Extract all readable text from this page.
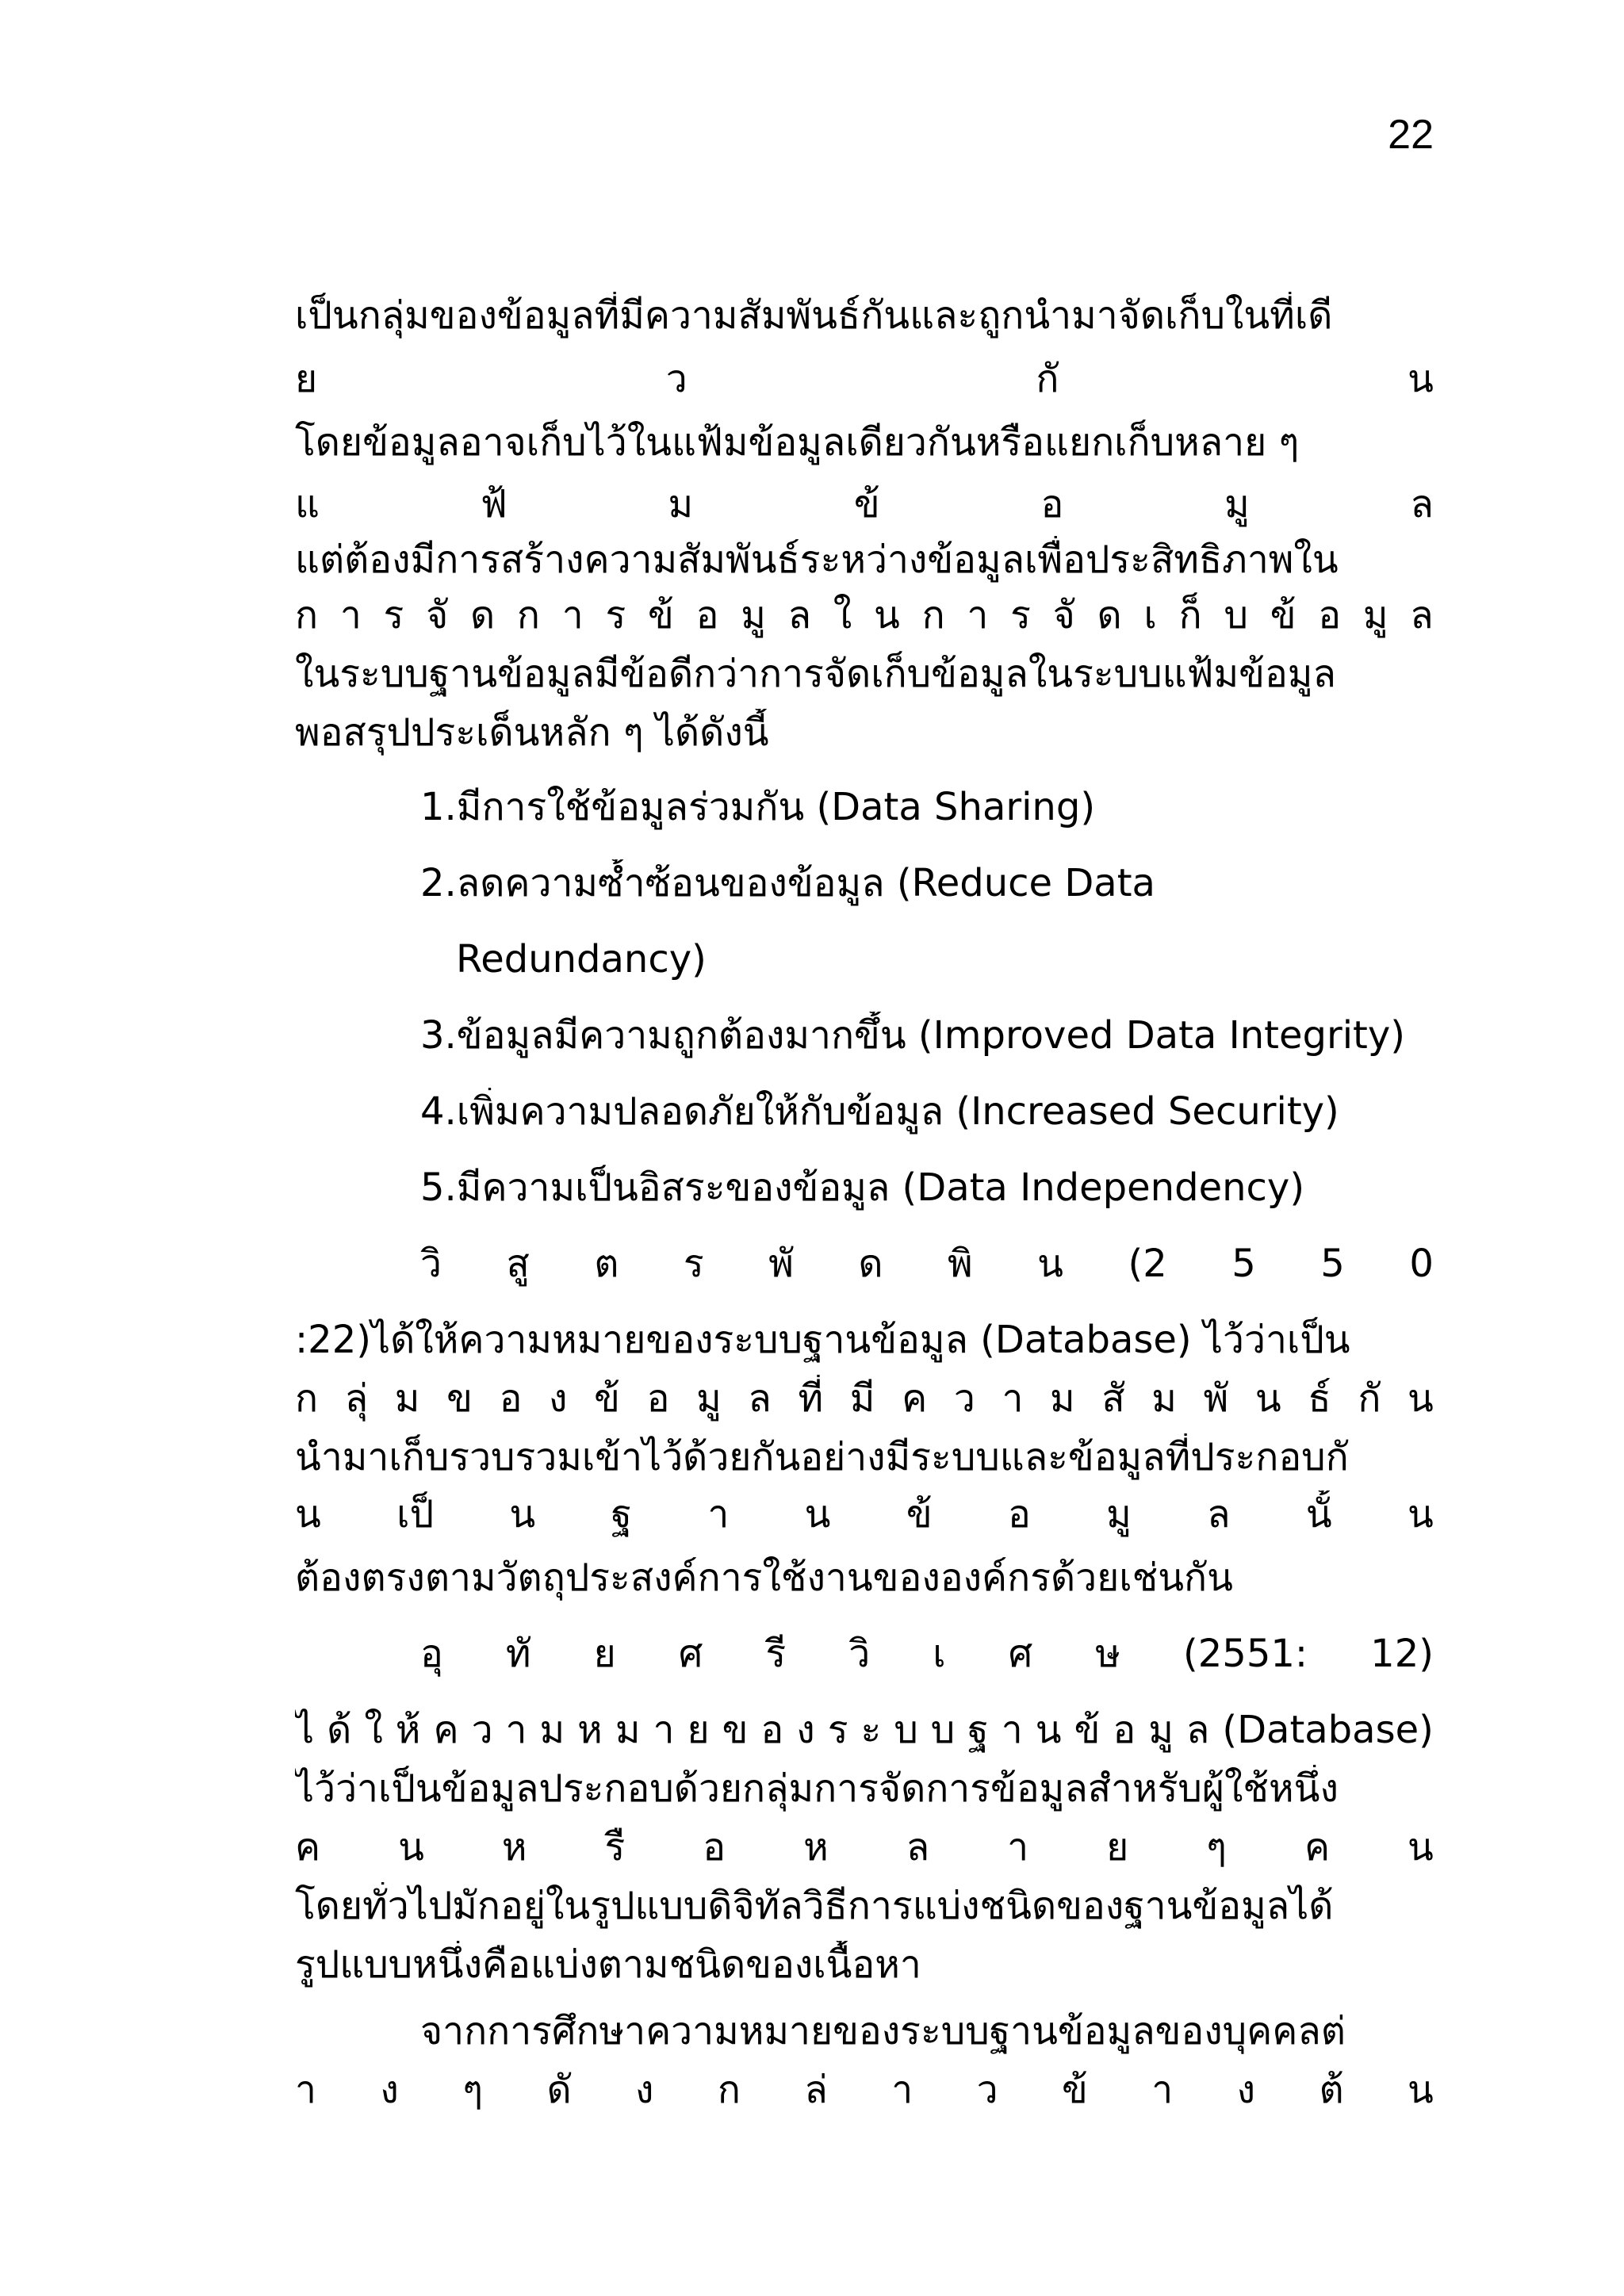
22
เป็นกลุ่มของข้อมูลที่มีความสัมพันธ์กันและถูกนำมาจัดเก็บในที่เดี
ย	ว	กั	น
โดยข้อมูลอาจเก็บไว้ในแฟ้มข้อมูลเดียวกันหรือแยกเก็บหลาย ๆ
แ	ฟ้	ม	ข้	อ	มู	ล
แต่ต้องมีการสร้างความสัมพันธ์ระหว่างข้อมูลเพื่อประสิทธิภาพใน
ก า ร จั ด ก า ร ข้ อ มู ล ใ น ก า ร จั ด เ ก็ บ ข้ อ มู ล
ในระบบฐานข้อมูลมีข้อดีกว่าการจัดเก็บข้อมูลในระบบแฟ้มข้อมูล
พอสรุปประเด็นหลัก ๆ ได้ดังนี้
1.มีการใช้ข้อมูลร่วมกัน (Data Sharing)
2.ลดความซ้ำซ้อนของข้อมูล (Reduce Data
Redundancy)
3.ข้อมูลมีความถูกต้องมากขึ้น (Improved Data Integrity)
4.เพิ่มความปลอดภัยให้กับข้อมูล (Increased Security)
5.มีความเป็นอิสระของข้อมูล (Data Independency)
วิ สู ต ร พั ด พิ น (2 5 5 0
:22)ได้ให้ความหมายของระบบฐานข้อมูล (Database) ไว้ว่าเป็น
ก ลุ่ ม ข อ ง ข้ อ มู ล ที่ มี ค ว า ม สั ม พั น ธ์ กั น
นำมาเก็บรวบรวมเข้าไว้ด้วยกันอย่างมีระบบและข้อมูลที่ประกอบกั
น เป็ น ฐ า น ข้ อ มู ล นั้ น
ต้องตรงตามวัตถุประสงค์การใช้งานขององค์กรด้วยเช่นกัน
อุ ทั ย ศ รี วิ เ ศ ษ (2551: 12)
ไ ด้ ใ ห้ ค ว า ม ห ม า ย ข อ ง ร ะ บ บ ฐ า น ข้ อ มู ล (Database)
ไว้ว่าเป็นข้อมูลประกอบด้วยกลุ่มการจัดการข้อมูลสำหรับผู้ใช้หนึ่ง
ค น ห รื อ ห ล า ย ๆ ค น
โดยทั่วไปมักอยู่ในรูปแบบดิจิทัลวิธีการแบ่งชนิดของฐานข้อมูลได้
รูปแบบหนึ่งคือแบ่งตามชนิดของเนื้อหา
จากการศึกษาความหมายของระบบฐานข้อมูลของบุคคลต่
า ง ๆ ดั ง ก ล่ า ว ข้ า ง ต้ น
